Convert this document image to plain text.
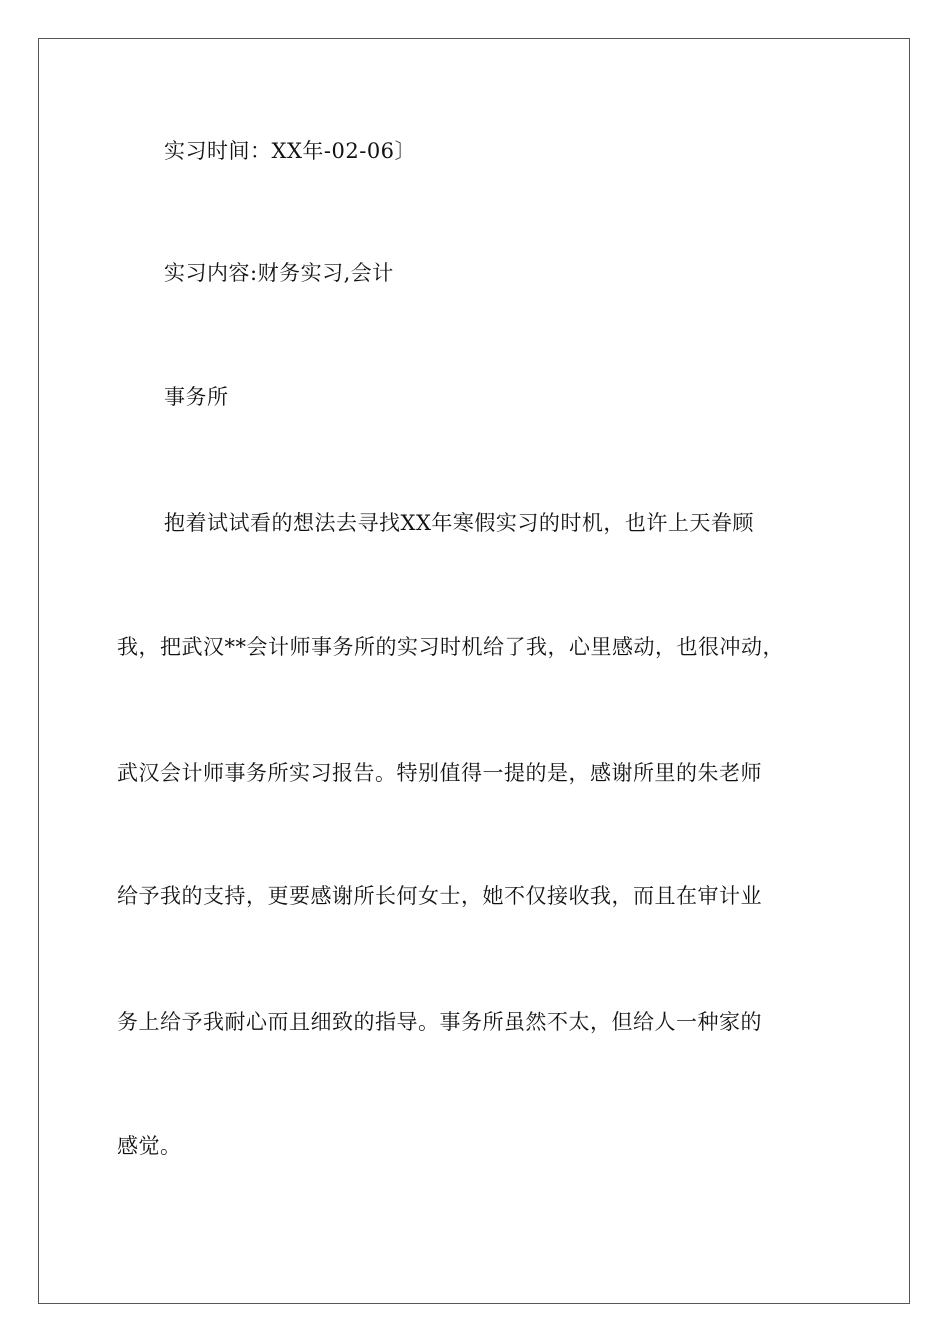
实习时间：XX年-02-06〕
实习内容:财务实习,会计
事务所
抱着试试看的想法去寻找XX年寒假实习的时机，也许上天眷顾
我，把武汉**会计师事务所的实习时机给了我，心里感动，也很冲动，
武汉会计师事务所实习报告。特别值得一提的是，感谢所里的朱老师
给予我的支持，更要感谢所长何女士，她不仅接收我，而且在审计业
务上给予我耐心而且细致的指导。事务所虽然不太，但给人一种家的
感觉。
